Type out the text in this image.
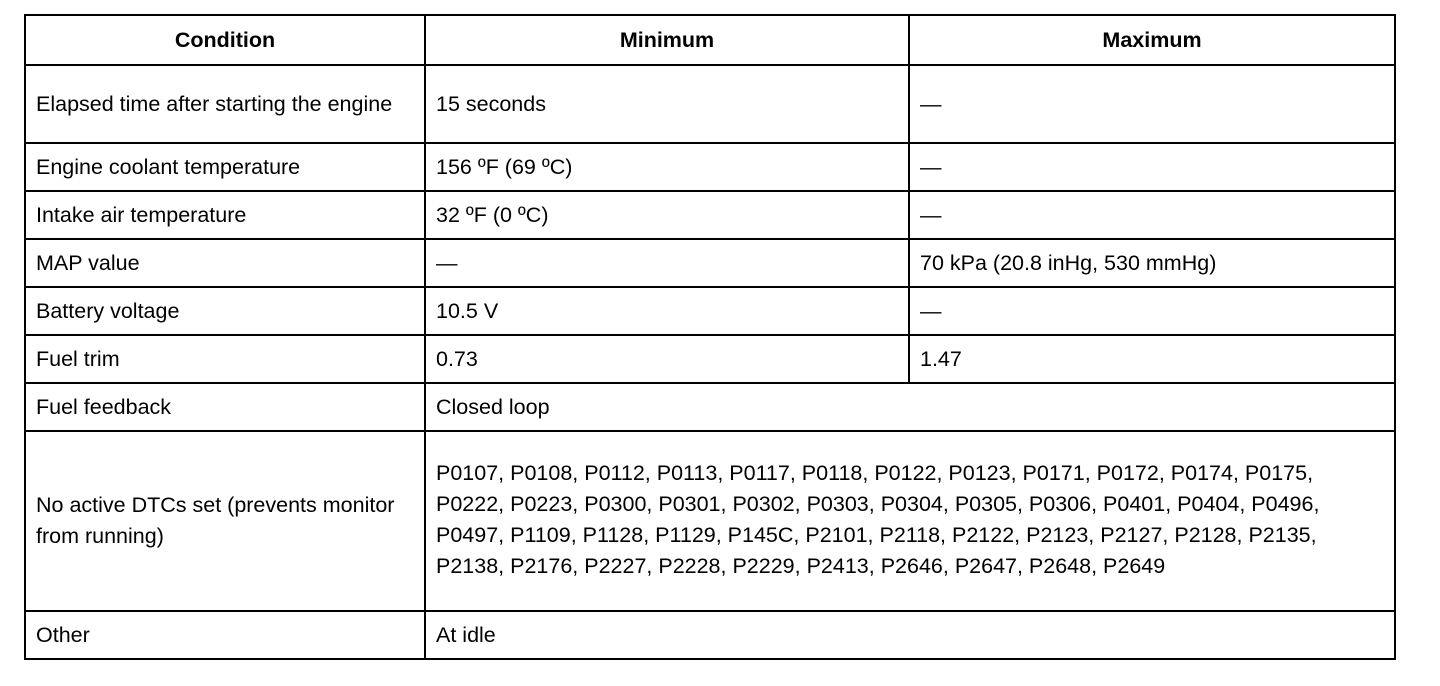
Condition	Minimum	Maximum
Elapsed time after starting the engine	15 seconds	—
Engine coolant temperature	156 ºF (69 ºC)	—
Intake air temperature	32 ºF (0 ºC)	—
MAP value	—	70 kPa (20.8 inHg, 530 mmHg)
Battery voltage	10.5 V	—
Fuel trim	0.73	1.47
Fuel feedback	Closed loop	
No active DTCs set (prevents monitor from running)	P0107, P0108, P0112, P0113, P0117, P0118, P0122, P0123, P0171, P0172, P0174, P0175, P0222, P0223, P0300, P0301, P0302, P0303, P0304, P0305, P0306, P0401, P0404, P0496, P0497, P1109, P1128, P1129, P145C, P2101, P2118, P2122, P2123, P2127, P2128, P2135, P2138, P2176, P2227, P2228, P2229, P2413, P2646, P2647, P2648, P2649	
Other	At idle	
